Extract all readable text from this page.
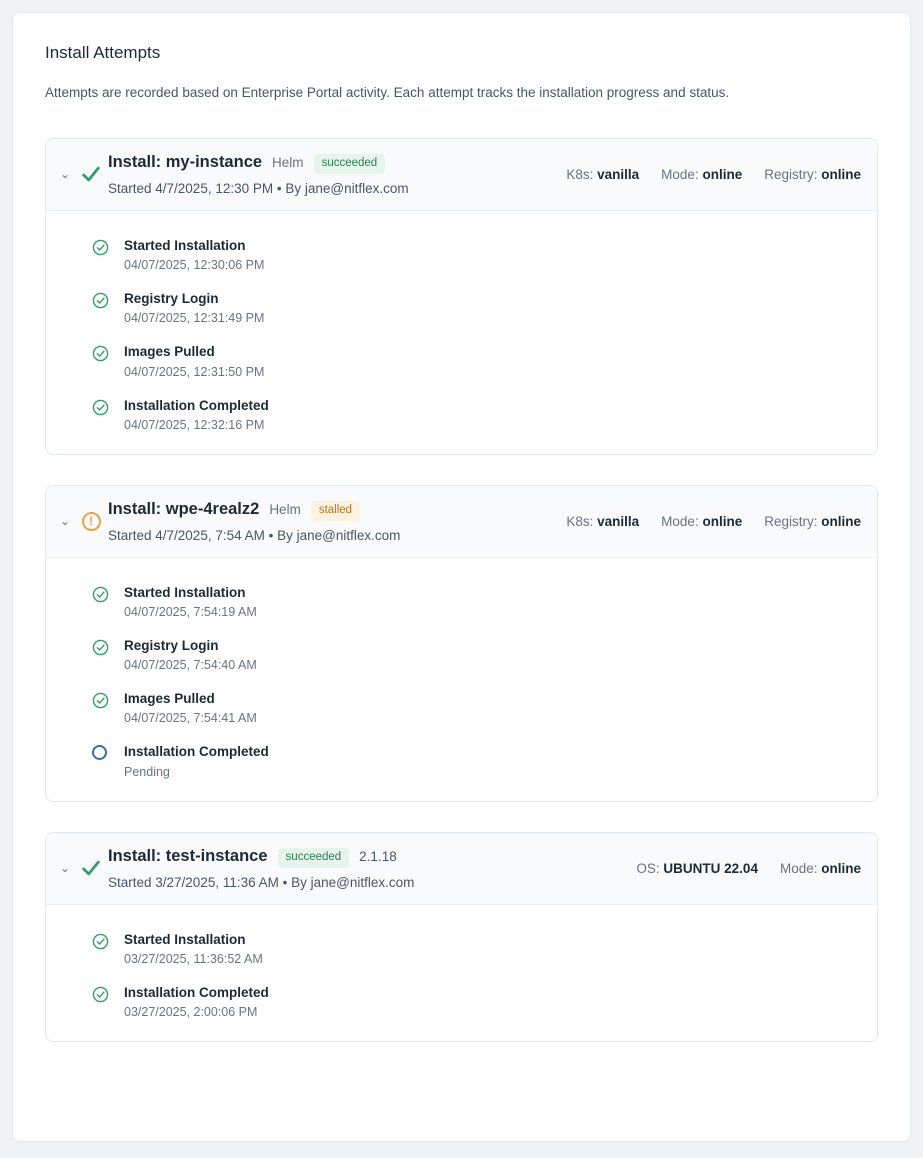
Install Attempts
Attempts are recorded based on Enterprise Portal activity. Each attempt tracks the installation progress and status.
⌄
Install: my-instance Helm	succeeded
Started 4/7/2025, 12:30 PM • By jane@nitflex.com
K8s: vanilla Mode: online Registry: online
Started Installation
04/07/2025, 12:30:06 PM
Registry Login
04/07/2025, 12:31:49 PM
Images Pulled
04/07/2025, 12:31:50 PM
Installation Completed
04/07/2025, 12:32:16 PM
⌄	!
Install: wpe-4realz2 Helm	stalled
Started 4/7/2025, 7:54 AM • By jane@nitflex.com
K8s: vanilla Mode: online Registry: online
Started Installation
04/07/2025, 7:54:19 AM
Registry Login
04/07/2025, 7:54:40 AM
Images Pulled
04/07/2025, 7:54:41 AM
Installation Completed
Pending
⌄
Install: test-instance	succeeded	2.1.18
Started 3/27/2025, 11:36 AM • By jane@nitflex.com
OS: UBUNTU 22.04 Mode: online
Started Installation
03/27/2025, 11:36:52 AM
Installation Completed
03/27/2025, 2:00:06 PM
